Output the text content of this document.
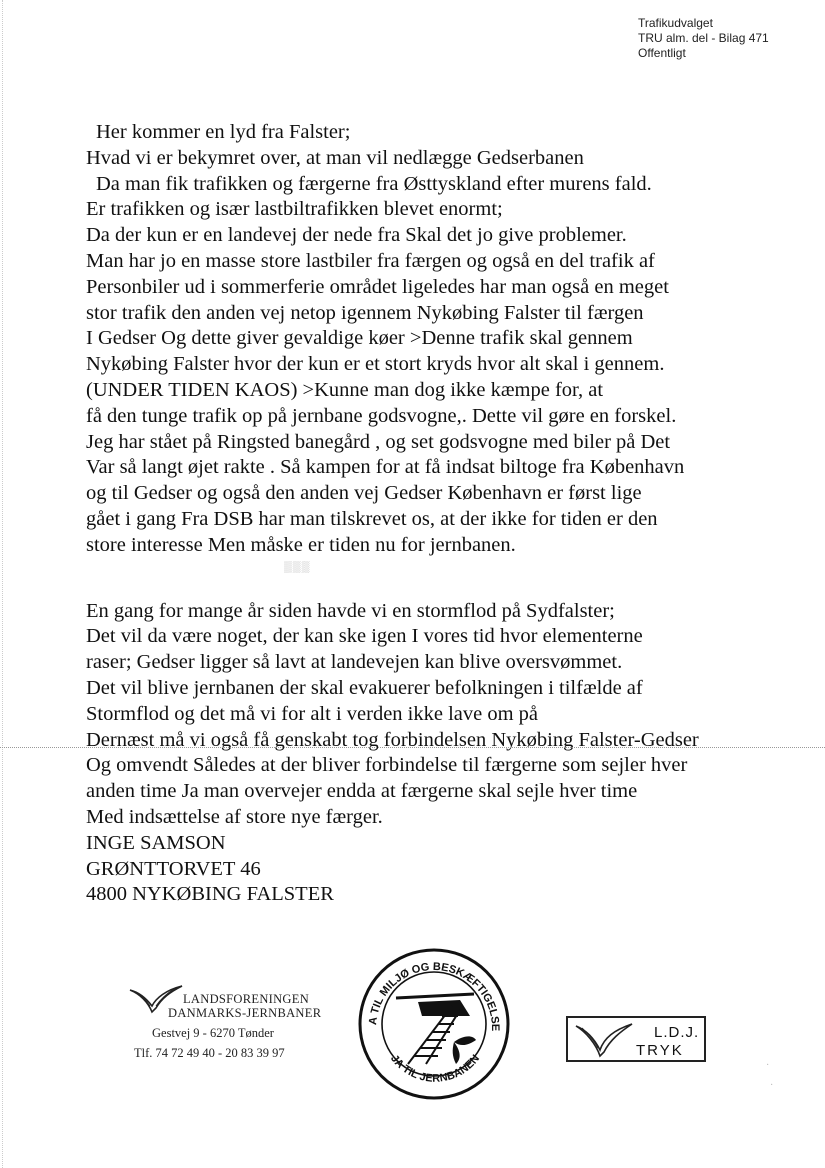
Trafikudvalget
TRU alm. del - Bilag 471
Offentligt
Her kommer en lyd fra Falster;
Hvad vi er bekymret over, at man vil nedlægge Gedserbanen
Da man fik trafikken og færgerne fra Østtyskland efter murens fald.
Er trafikken og især lastbiltrafikken blevet enormt;
Da der kun er en landevej der nede fra Skal det jo give problemer.
Man har jo en masse store lastbiler fra færgen og også en del trafik af
Personbiler ud i sommerferie området ligeledes har man også en meget
stor trafik den anden vej netop igennem Nykøbing Falster til færgen
I Gedser Og dette giver gevaldige køer >Denne trafik skal gennem
Nykøbing Falster hvor der kun er et stort kryds hvor alt skal i gennem.
(UNDER TIDEN KAOS) >Kunne man dog ikke kæmpe for, at
få den tunge trafik op på jernbane godsvogne,. Dette vil gøre en forskel.
Jeg har stået på Ringsted banegård , og set godsvogne med biler på Det
Var så langt øjet rakte . Så kampen for at få indsat biltoge fra København
og til Gedser og også den anden vej Gedser København er først lige
gået i gang Fra DSB har man tilskrevet os, at der ikke for tiden er den
store interesse Men måske er tiden nu for jernbanen.
En gang for mange år siden havde vi en stormflod på Sydfalster;
Det vil da være noget, der kan ske igen I vores tid hvor elementerne
raser; Gedser ligger så lavt at landevejen kan blive oversvømmet.
Det vil blive jernbanen der skal evakuerer befolkningen i tilfælde af
Stormflod og det må vi for alt i verden ikke lave om på
Dernæst må vi også få genskabt tog forbindelsen Nykøbing Falster-Gedser
Og omvendt Således at der bliver forbindelse til færgerne som sejler hver
anden time Ja man overvejer endda at færgerne skal sejle hver time
Med indsættelse af store nye færger.
INGE SAMSON
GRØNTTORVET 46
4800 NYKØBING FALSTER
▒▒▒
LANDSFORENINGEN
DANMARKS-JERNBANER
Gestvej 9 - 6270 Tønder
Tlf. 74 72 49 40 - 20 83 39 97
A TIL MILJØ OG BESKÆFTIGELSE
JA TIL JERNBANEN
L.D.J.
TRYK
·
·
